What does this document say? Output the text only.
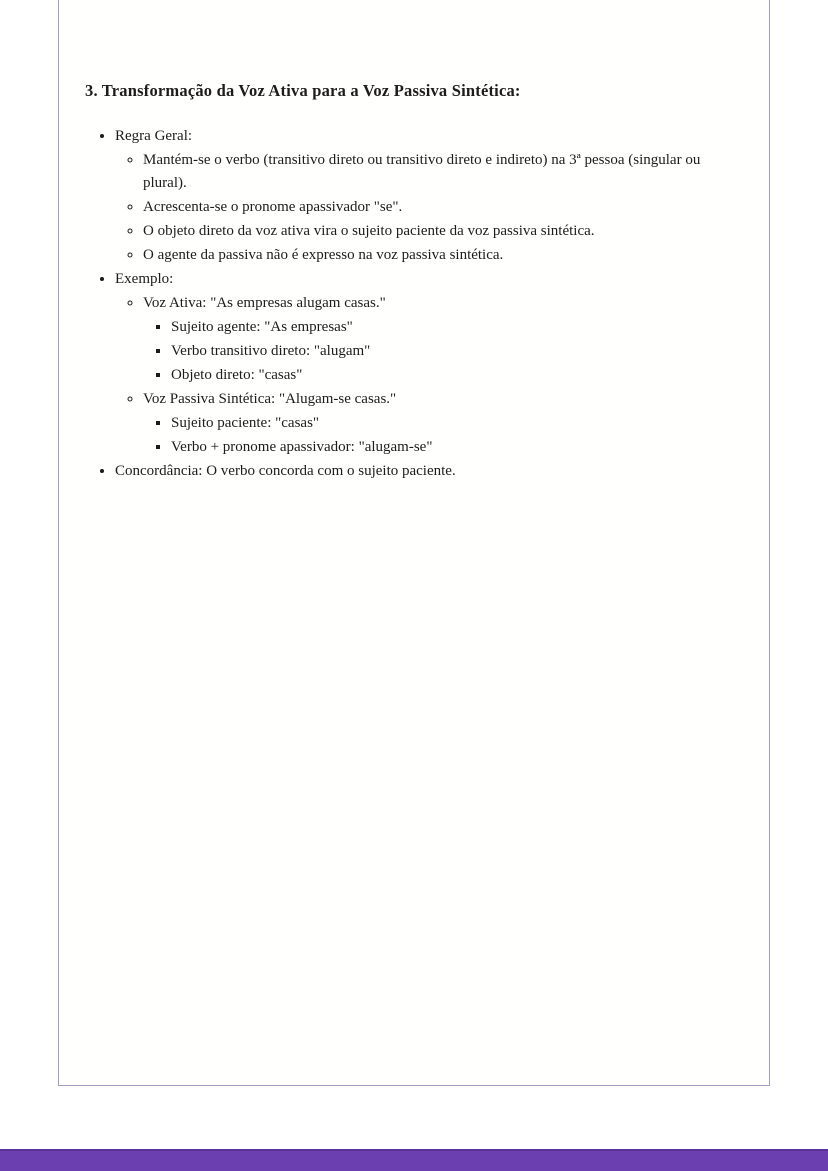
3. Transformação da Voz Ativa para a Voz Passiva Sintética:
• Regra Geral:
◦ Mantém-se o verbo (transitivo direto ou transitivo direto e indireto) na 3ª pessoa (singular ou plural).
◦ Acrescenta-se o pronome apassivador "se".
◦ O objeto direto da voz ativa vira o sujeito paciente da voz passiva sintética.
◦ O agente da passiva não é expresso na voz passiva sintética.
• Exemplo:
◦ Voz Ativa: "As empresas alugam casas."
▪ Sujeito agente: "As empresas"
▪ Verbo transitivo direto: "alugam"
▪ Objeto direto: "casas"
◦ Voz Passiva Sintética: "Alugam-se casas."
▪ Sujeito paciente: "casas"
▪ Verbo + pronome apassivador: "alugam-se"
• Concordância: O verbo concorda com o sujeito paciente.
